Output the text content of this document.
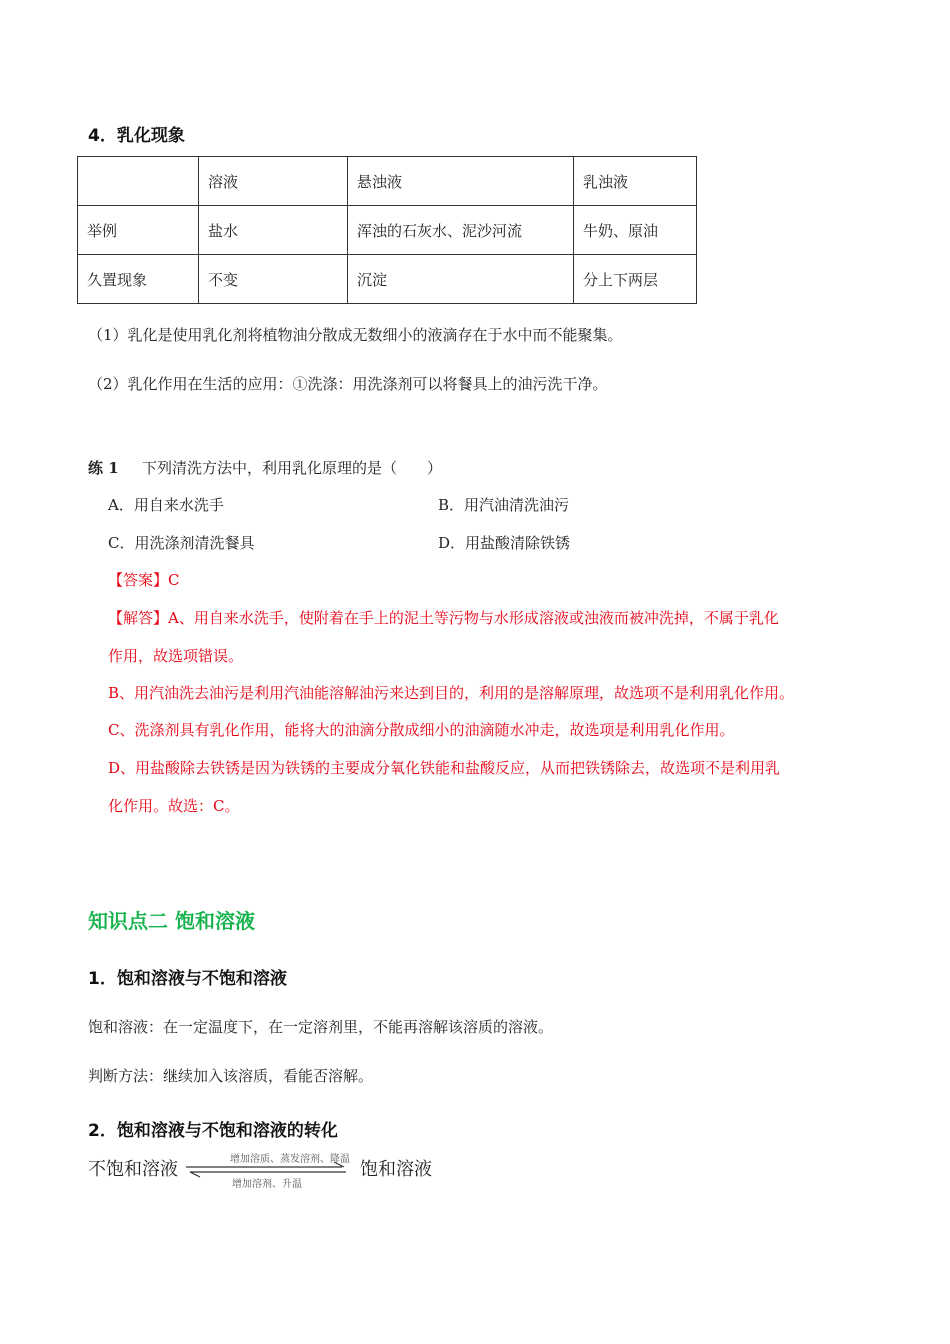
4．乳化现象
	溶液	悬浊液	乳浊液
举例	盐水	浑浊的石灰水、泥沙河流	牛奶、原油
久置现象	不变	沉淀	分上下两层
（1）乳化是使用乳化剂将植物油分散成无数细小的液滴存在于水中而不能聚集。
（2）乳化作用在生活的应用：①洗涤：用洗涤剂可以将餐具上的油污洗干净。
练 1 下列清洗方法中，利用乳化原理的是（　　）
A．用自来水洗手	B．用汽油清洗油污
C．用洗涤剂清洗餐具	D．用盐酸清除铁锈
【答案】C
【解答】A、用自来水洗手，使附着在手上的泥土等污物与水形成溶液或浊液而被冲洗掉，不属于乳化
作用，故选项错误。
B、用汽油洗去油污是利用汽油能溶解油污来达到目的，利用的是溶解原理，故选项不是利用乳化作用。
C、洗涤剂具有乳化作用，能将大的油滴分散成细小的油滴随水冲走，故选项是利用乳化作用。
D、用盐酸除去铁锈是因为铁锈的主要成分氧化铁能和盐酸反应，从而把铁锈除去，故选项不是利用乳
化作用。故选：C。
知识点二 饱和溶液
1．饱和溶液与不饱和溶液
饱和溶液：在一定温度下，在一定溶剂里，不能再溶解该溶质的溶液。
判断方法：继续加入该溶质，看能否溶解。
2．饱和溶液与不饱和溶液的转化
不饱和溶液	增加溶质、蒸发溶剂、降温
增加溶剂、升温
饱和溶液
